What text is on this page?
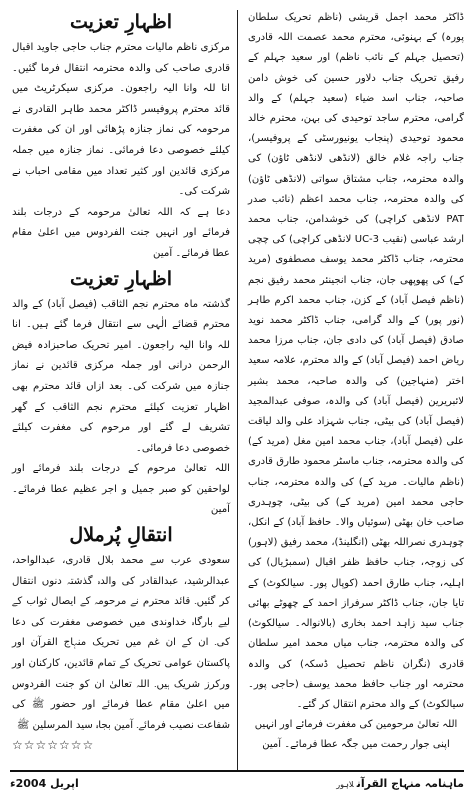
ڈاکٹر محمد اجمل قریشی (ناظم تحریک سلطان پورہ) کے بہنوئی، محترم محمد عصمت اللہ قادری (تحصیل جہلم کے نائب ناظم) اور سعید جہلم کے رفیق تحریک جناب دلاور حسین کی خوش دامن صاحبہ، جناب اسد ضیاء (سعید جہلم) کے والد گرامی، محترم ساجد توحیدی کی بہن، محترم خالد محمود توحیدی (پنجاب یونیورسٹی کے پروفیسر)، جناب راجہ غلام خالق (لانڈھی لانڈھی ٹاؤن) کی والدہ محترمہ، جناب مشتاق سواتی (لانڈھی ٹاؤن) کی والدہ محترمہ، جناب محمد اعظم (نائب صدر PAT لانڈھی کراچی) کی خوشدامن، جناب محمد ارشد عباسی (نقیب UC-3 لانڈھی کراچی) کی چچی محترمہ، جناب ڈاکٹر محمد یوسف مصطفوی (مرید کے) کی پھوپھی جان، جناب انجینئر محمد رفیق نجم (ناظم فیصل آباد) کے کزن، جناب محمد اکرم طاہر (نور پور) کے والد گرامی، جناب ڈاکٹر محمد نوید صادق (فیصل آباد) کی دادی جان، جناب مرزا محمد ریاض احمد (فیصل آباد) کے والد محترم، علامہ سعید اختر (منہاجین) کی والدہ صاحبہ، محمد بشیر لائبریرین (فیصل آباد) کی والدہ، صوفی عبدالمجید (فیصل آباد) کی بیٹی، جناب شہزاد علی والد لیاقت علی (فیصل آباد)، جناب محمد امین مغل (مرید کے) کی والدہ محترمہ، جناب ماسٹر محمود طارق قادری (ناظم مالیات۔ مرید کے) کی والدہ محترمہ، جناب حاجی محمد امین (مرید کے) کی بیٹی، چوہدری صاحب خان بھٹی (سوئیاں والا۔ حافظ آباد) کے انکل، چوہدری نصراللہ بھٹی (انگلینڈ)، محمد رفیق (لاہور) کی زوجہ، جناب حافظ ظفر اقبال (سمبڑیال) کی اہلیہ، جناب طارق احمد (کوپال پور۔ سیالکوٹ) کے تایا جان، جناب ڈاکٹر سرفراز احمد کے چھوٹے بھائی جناب سید زاہد احمد بخاری (بالانوالہ۔ سیالکوٹ) کی والدہ محترمہ، جناب میاں محمد امیر سلطان قادری (نگران ناظم تحصیل ڈسکہ) کی والدہ محترمہ اور جناب حافظ محمد یوسف (حاجی پور۔ سیالکوٹ) کے والد محترم انتقال کر گئے۔

اللہ تعالیٰ مرحومین کی مغفرت فرمائے اور انہیں اپنی جوار رحمت میں جگہ عطا فرمائے۔ آمین

اظہارِ تعزیت

مرکزی ناظم مالیات محترم جناب حاجی جاوید اقبال قادری صاحب کی والدہ محترمہ انتقال فرما گئیں۔ انا للہ وانا الیہ راجعون۔ مرکزی سیکرٹریٹ میں قائد محترم پروفیسر ڈاکٹر محمد طاہر القادری نے مرحومہ کی نماز جنازہ پڑھائی اور ان کی مغفرت کیلئے خصوصی دعا فرمائی۔ نماز جنازہ میں جملہ مرکزی قائدین اور کثیر تعداد میں مقامی احباب نے شرکت کی۔

دعا ہے کہ اللہ تعالیٰ مرحومہ کے درجات بلند فرمائے اور انہیں جنت الفردوس میں اعلیٰ مقام عطا فرمائے۔ آمین

اظہارِ تعزیت

گذشتہ ماہ محترم نجم الثاقب (فیصل آباد) کے والد محترم قضائے الٰہی سے انتقال فرما گئے ہیں۔ انا للہ وانا الیہ راجعون۔ امیر تحریک صاحبزادہ فیض الرحمن درانی اور جملہ مرکزی قائدین نے نماز جنازہ میں شرکت کی۔ بعد ازاں قائد محترم بھی اظہار تعزیت کیلئے محترم نجم الثاقب کے گھر تشریف لے گئے اور مرحوم کی مغفرت کیلئے خصوصی دعا فرمائی۔

اللہ تعالیٰ مرحوم کے درجات بلند فرمائے اور لواحقین کو صبر جمیل و اجر عظیم عطا فرمائے۔ آمین

انتقالِ پُرملال

سعودی عرب سے محمد بلال قادری، عبدالواحد، عبدالرشید، عبدالقادر کی والدہ گذشتہ دنوں انتقال کر گئیں۔ قائد محترم نے مرحومہ کے ایصال ثواب کے لیے بارگاہ خداوندی میں خصوصی مغفرت کی دعا کی۔ ان کے ان غم میں تحریک منہاج القرآن اور پاکستان عوامی تحریک کے تمام قائدین، کارکنان اور ورکرز شریک ہیں۔ اللہ تعالیٰ ان کو جنت الفردوس میں اعلیٰ مقام عطا فرمائے اور حضور ﷺ کی شفاعت نصیب فرمائے۔ آمین بجاہ سید المرسلین ﷺ

☆☆☆☆☆☆☆
اپریل 2004ء	ماہنامہ منہاج القرآنلاہور
